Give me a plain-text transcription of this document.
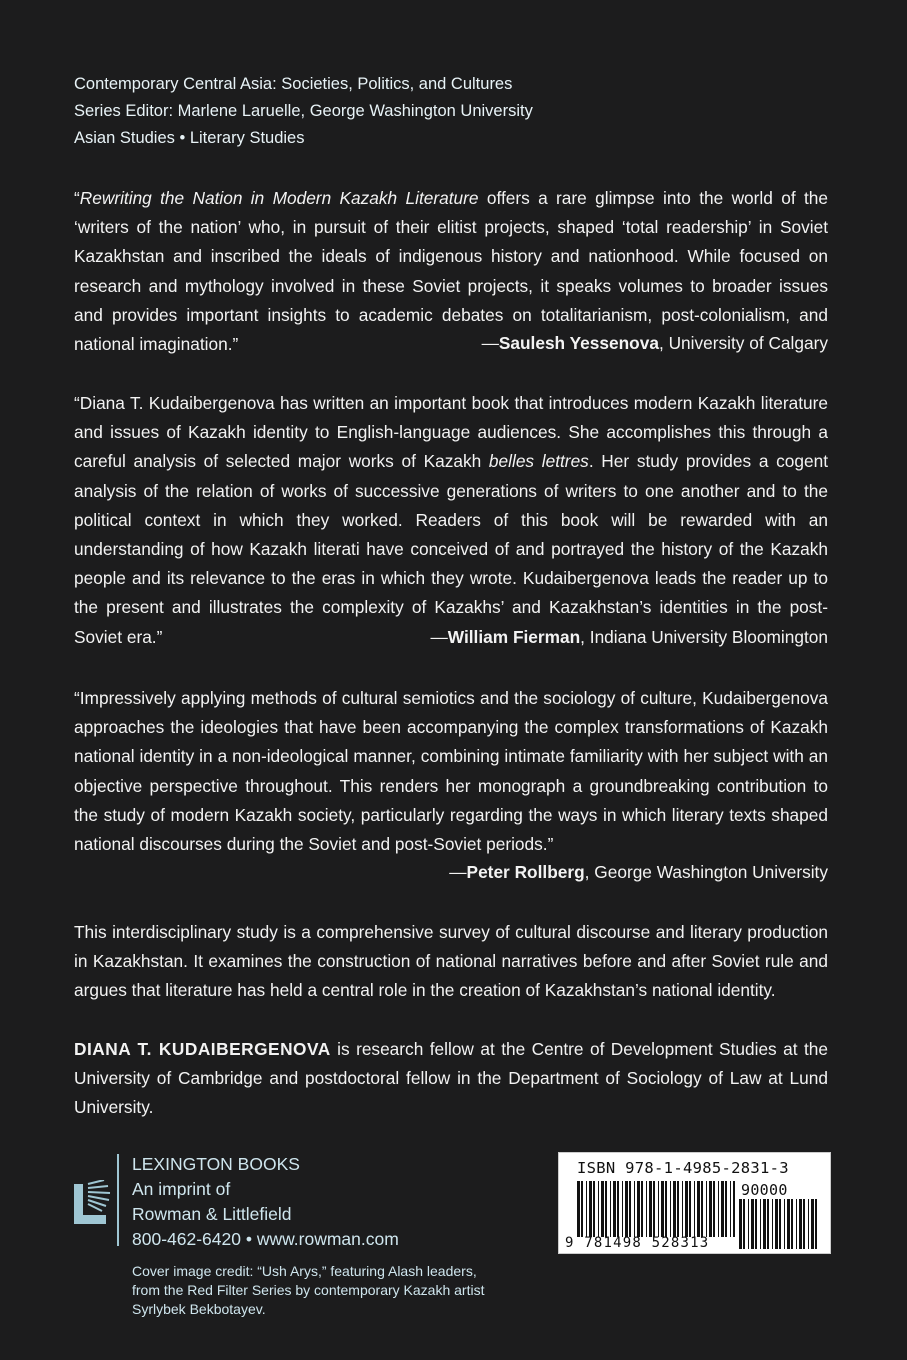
Contemporary Central Asia: Societies, Politics, and Cultures
Series Editor: Marlene Laruelle, George Washington University
Asian Studies • Literary Studies
“Rewriting the Nation in Modern Kazakh Literature offers a rare glimpse into the world of the ‘writers of the nation’ who, in pursuit of their elitist projects, shaped ‘total readership’ in Soviet Kazakhstan and inscribed the ideals of indigenous history and nationhood. While focused on research and mythology involved in these Soviet projects, it speaks volumes to broader issues and provides important insights to academic debates on totalitarianism, post-colonialism, and national imagination.”	—Saulesh Yessenova, University of Calgary
“Diana T. Kudaibergenova has written an important book that introduces modern Kazakh literature and issues of Kazakh identity to English-language audiences. She accomplishes this through a careful analysis of selected major works of Kazakh belles lettres. Her study provides a cogent analysis of the relation of works of successive generations of writers to one another and to the political context in which they worked. Readers of this book will be rewarded with an understanding of how Kazakh literati have conceived of and portrayed the history of the Kazakh people and its relevance to the eras in which they wrote. Kudaibergenova leads the reader up to the present and illustrates the complexity of Kazakhs’ and Kazakhstan’s identities in the post-Soviet era.”	—William Fierman, Indiana University Bloomington
“Impressively applying methods of cultural semiotics and the sociology of culture, Kudaibergenova approaches the ideologies that have been accompanying the complex transformations of Kazakh national identity in a non-ideological manner, combining intimate familiarity with her subject with an objective perspective throughout. This renders her monograph a groundbreaking contribution to the study of modern Kazakh society, particularly regarding the ways in which literary texts shaped national discourses during the Soviet and post-Soviet periods.”
—Peter Rollberg, George Washington University
This interdisciplinary study is a comprehensive survey of cultural discourse and literary production in Kazakhstan. It examines the construction of national narratives before and after Soviet rule and argues that literature has held a central role in the creation of Kazakhstan’s national identity.
DIANA T. KUDAIBERGENOVA is research fellow at the Centre of Development Studies at the University of Cambridge and postdoctoral fellow in the Department of Sociology of Law at Lund University.
LEXINGTON BOOKS
An imprint of
Rowman & Littlefield
800-462-6420 • www.rowman.com
Cover image credit: “Ush Arys,” featuring Alash leaders,
from the Red Filter Series by contemporary Kazakh artist
Syrlybek Bekbotayev.
ISBN 978-1-4985-2831-3
90000
9 781498 528313
